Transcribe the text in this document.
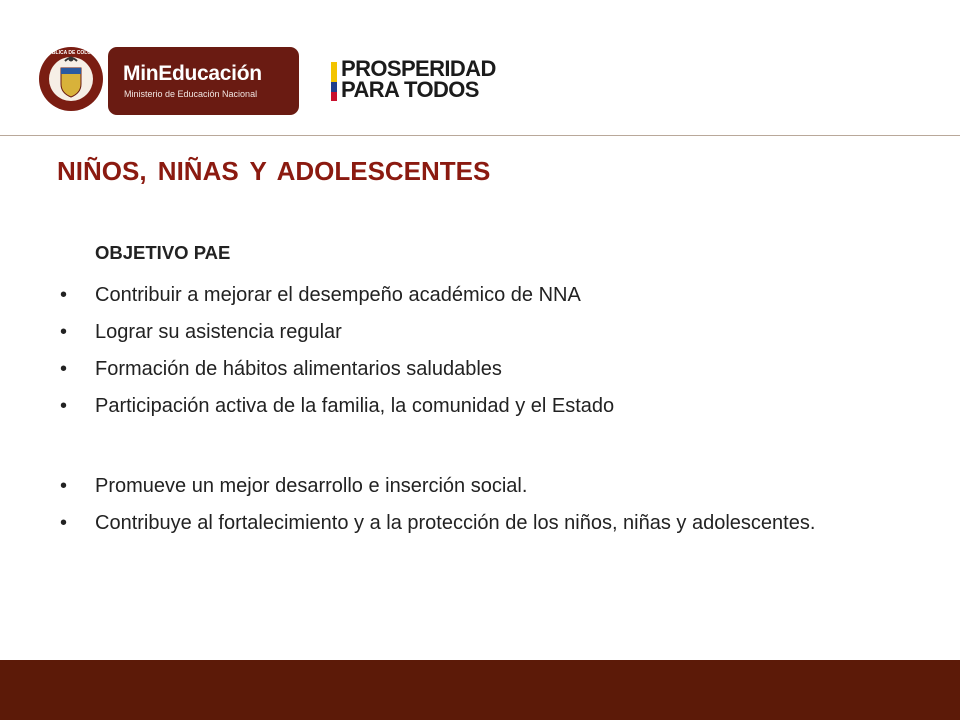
REPÚBLICA DE COLOMBIA
MinEducación
Ministerio de Educación Nacional
PROSPERIDAD
PARA TODOS
NIÑOS, NIÑAS Y ADOLESCENTES
OBJETIVO PAE
• Contribuir a mejorar el desempeño académico de NNA
• Lograr su asistencia regular
• Formación de hábitos alimentarios saludables
• Participación activa de la familia, la comunidad y el Estado
• Promueve un mejor desarrollo e inserción social.
• Contribuye al fortalecimiento y a la protección de los niños, niñas y adolescentes.
